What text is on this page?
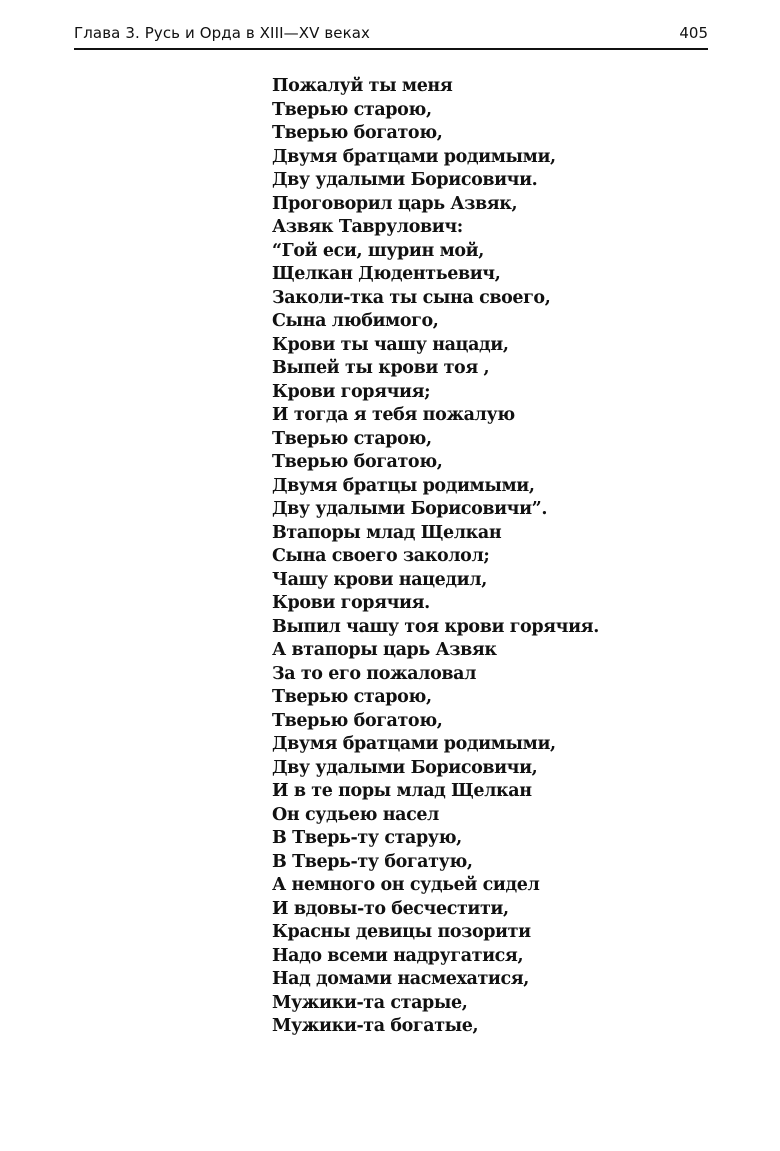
Глава 3. Русь и Орда в XIII—XV веках	405
Пожалуй ты меня
Тверью старою,
Тверью богатою,
Двумя братцами родимыми,
Дву удалыми Борисовичи.
Проговорил царь Азвяк,
Азвяк Таврулович:
“Гой еси, шурин мой,
Щелкан Дюдентьевич,
Заколи-тка ты сына своего,
Сына любимого,
Крови ты чашу нацади,
Выпей ты крови тоя ,
Крови горячия;
И тогда я тебя пожалую
Тверью старою,
Тверью богатою,
Двумя братцы родимыми,
Дву удалыми Борисовичи”.
Втапоры млад Щелкан
Сына своего заколол;
Чашу крови нацедил,
Крови горячия.
Выпил чашу тоя крови горячия.
А втапоры царь Азвяк
За то его пожаловал
Тверью старою,
Тверью богатою,
Двумя братцами родимыми,
Дву удалыми Борисовичи,
И в те поры млад Щелкан
Он судьею насел
В Тверь-ту старую,
В Тверь-ту богатую,
А немного он судьей сидел
И вдовы-то бесчестити,
Красны девицы позорити
Надо всеми надругатися,
Над домами насмехатися,
Мужики-та старые,
Мужики-та богатые,
